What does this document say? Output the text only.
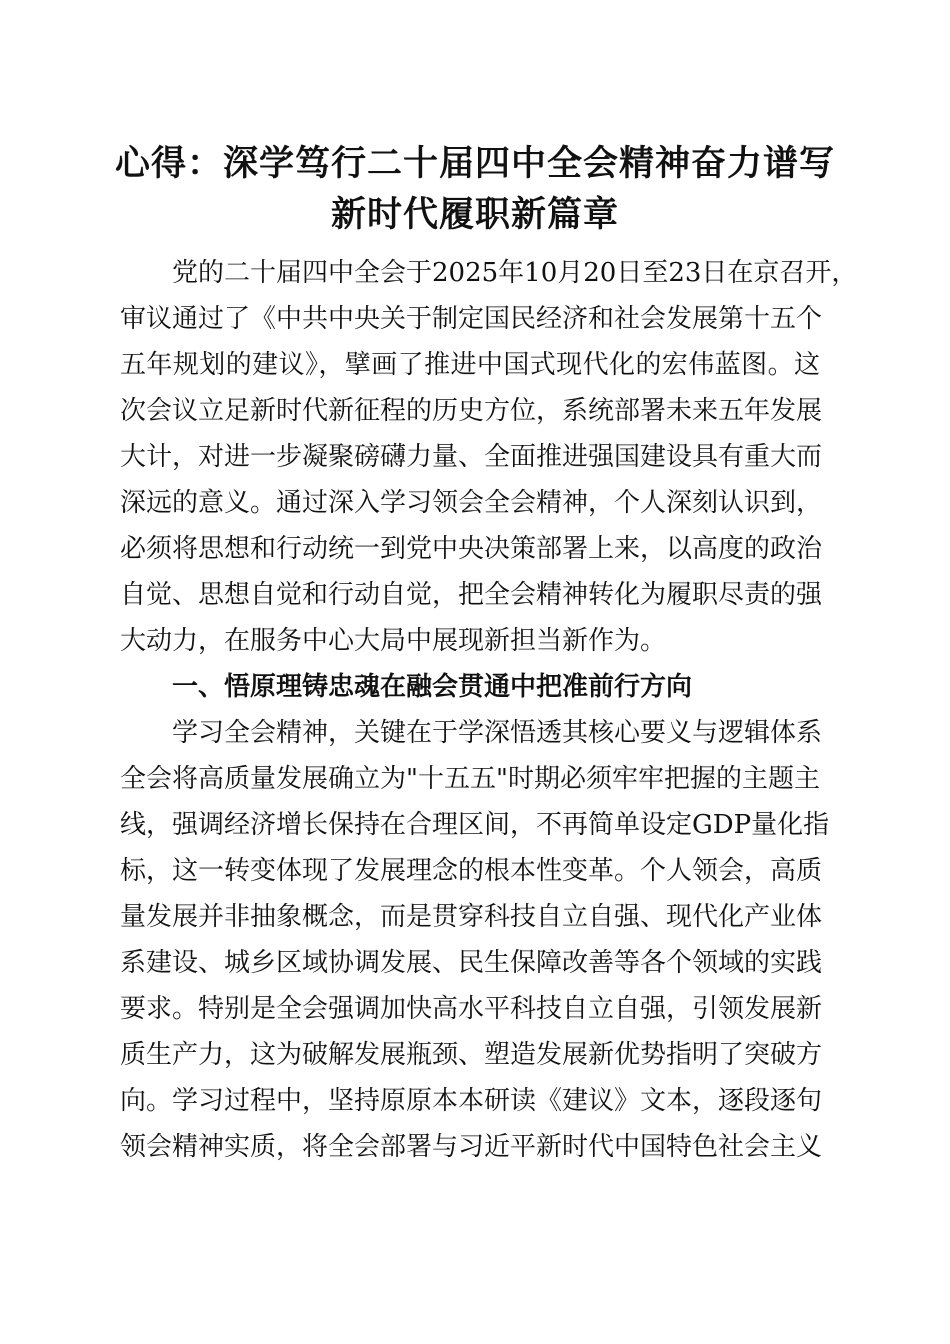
心得：深学笃行二十届四中全会精神奋力谱写
新时代履职新篇章
党的二十届四中全会于2025年10月20日至23日在京召开，
审议通过了《中共中央关于制定国民经济和社会发展第十五个
五年规划的建议》，擘画了推进中国式现代化的宏伟蓝图。这
次会议立足新时代新征程的历史方位，系统部署未来五年发展
大计，对进一步凝聚磅礴力量、全面推进强国建设具有重大而
深远的意义。通过深入学习领会全会精神，个人深刻认识到，
必须将思想和行动统一到党中央决策部署上来，以高度的政治
自觉、思想自觉和行动自觉，把全会精神转化为履职尽责的强
大动力，在服务中心大局中展现新担当新作为。
一、悟原理铸忠魂在融会贯通中把准前行方向
学习全会精神，关键在于学深悟透其核心要义与逻辑体系
全会将高质量发展确立为"十五五"时期必须牢牢把握的主题主
线，强调经济增长保持在合理区间，不再简单设定GDP量化指
标，这一转变体现了发展理念的根本性变革。个人领会，高质
量发展并非抽象概念，而是贯穿科技自立自强、现代化产业体
系建设、城乡区域协调发展、民生保障改善等各个领域的实践
要求。特别是全会强调加快高水平科技自立自强，引领发展新
质生产力，这为破解发展瓶颈、塑造发展新优势指明了突破方
向。学习过程中，坚持原原本本研读《建议》文本，逐段逐句
领会精神实质，将全会部署与习近平新时代中国特色社会主义
